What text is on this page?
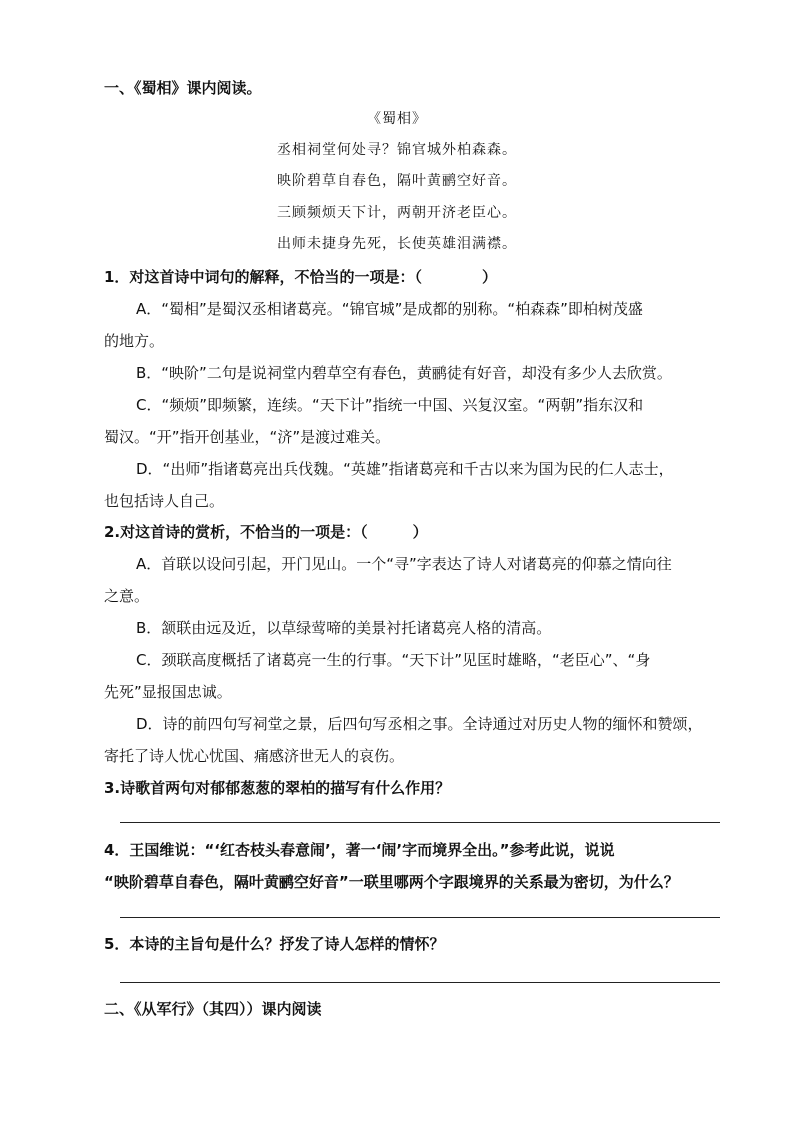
一、《蜀相》课内阅读。
《蜀相》
丞相祠堂何处寻？锦官城外柏森森。
映阶碧草自春色，隔叶黄鹂空好音。
三顾频烦天下计，两朝开济老臣心。
出师未捷身先死，长使英雄泪满襟。
1．对这首诗中词句的解释，不恰当的一项是：（　　　　）
A．“蜀相”是蜀汉丞相诸葛亮。“锦官城”是成都的别称。“柏森森”即柏树茂盛
的地方。
B．“映阶”二句是说祠堂内碧草空有春色，黄鹂徒有好音，却没有多少人去欣赏。
C．“频烦”即频繁，连续。“天下计”指统一中国、兴复汉室。“两朝”指东汉和
蜀汉。“开”指开创基业，“济”是渡过难关。
D．“出师”指诸葛亮出兵伐魏。“英雄”指诸葛亮和千古以来为国为民的仁人志士，
也包括诗人自己。
2.对这首诗的赏析，不恰当的一项是：（　　　）
A．首联以设问引起，开门见山。一个“寻”字表达了诗人对诸葛亮的仰慕之情向往
之意。
B．颔联由远及近，以草绿莺啼的美景衬托诸葛亮人格的清高。
C．颈联高度概括了诸葛亮一生的行事。“天下计”见匡时雄略，“老臣心”、“身
先死”显报国忠诚。
D．诗的前四句写祠堂之景，后四句写丞相之事。全诗通过对历史人物的缅怀和赞颂，
寄托了诗人忧心忧国、痛感济世无人的哀伤。
3.诗歌首两句对郁郁葱葱的翠柏的描写有什么作用？
4．王国维说：“‘红杏枝头春意闹’，著一‘闹’字而境界全出。”参考此说，说说
“映阶碧草自春色，隔叶黄鹂空好音”一联里哪两个字跟境界的关系最为密切，为什么？
5．本诗的主旨句是什么？抒发了诗人怎样的情怀？
二、《从军行》（其四））课内阅读
